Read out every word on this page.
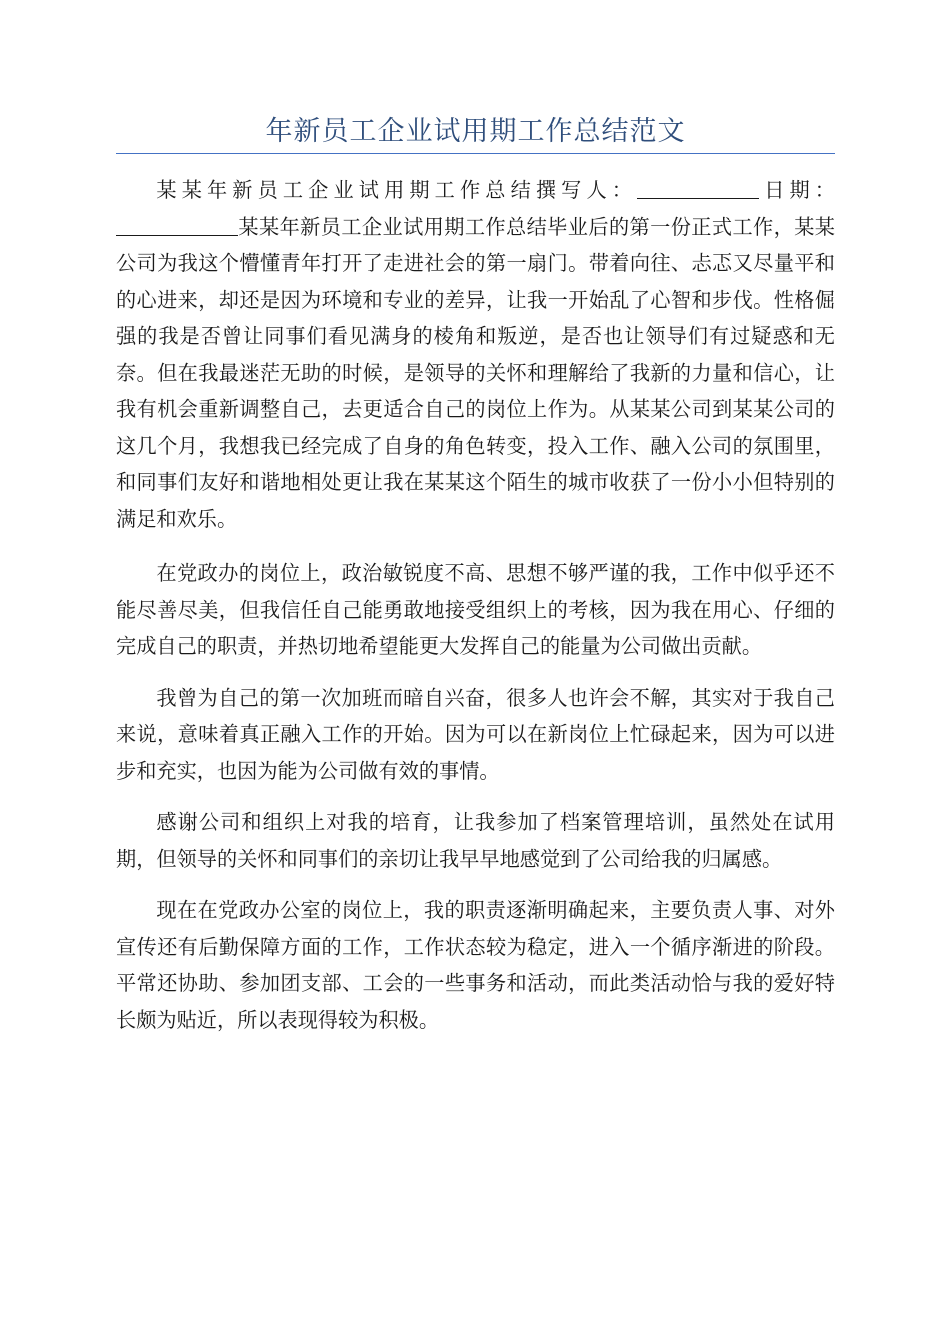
年新员工企业试用期工作总结范文

某某年新员工企业试用期工作总结撰写人：	日期：某某年新员工企业试用期工作总结毕业后的第一份正式工作，某某公司为我这个懵懂青年打开了走进社会的第一扇门。带着向往、忐忑又尽量平和的心进来，却还是因为环境和专业的差异，让我一开始乱了心智和步伐。性格倔强的我是否曾让同事们看见满身的棱角和叛逆，是否也让领导们有过疑惑和无奈。但在我最迷茫无助的时候，是领导的关怀和理解给了我新的力量和信心，让我有机会重新调整自己，去更适合自己的岗位上作为。从某某公司到某某公司的这几个月，我想我已经完成了自身的角色转变，投入工作、融入公司的氛围里，和同事们友好和谐地相处更让我在某某这个陌生的城市收获了一份小小但特别的满足和欢乐。

在党政办的岗位上，政治敏锐度不高、思想不够严谨的我，工作中似乎还不能尽善尽美，但我信任自己能勇敢地接受组织上的考核，因为我在用心、仔细的完成自己的职责，并热切地希望能更大发挥自己的能量为公司做出贡献。

我曾为自己的第一次加班而暗自兴奋，很多人也许会不解，其实对于我自己来说，意味着真正融入工作的开始。因为可以在新岗位上忙碌起来，因为可以进步和充实，也因为能为公司做有效的事情。

感谢公司和组织上对我的培育，让我参加了档案管理培训，虽然处在试用期，但领导的关怀和同事们的亲切让我早早地感觉到了公司给我的归属感。

现在在党政办公室的岗位上，我的职责逐渐明确起来，主要负责人事、对外宣传还有后勤保障方面的工作，工作状态较为稳定，进入一个循序渐进的阶段。平常还协助、参加团支部、工会的一些事务和活动，而此类活动恰与我的爱好特长颇为贴近，所以表现得较为积极。
